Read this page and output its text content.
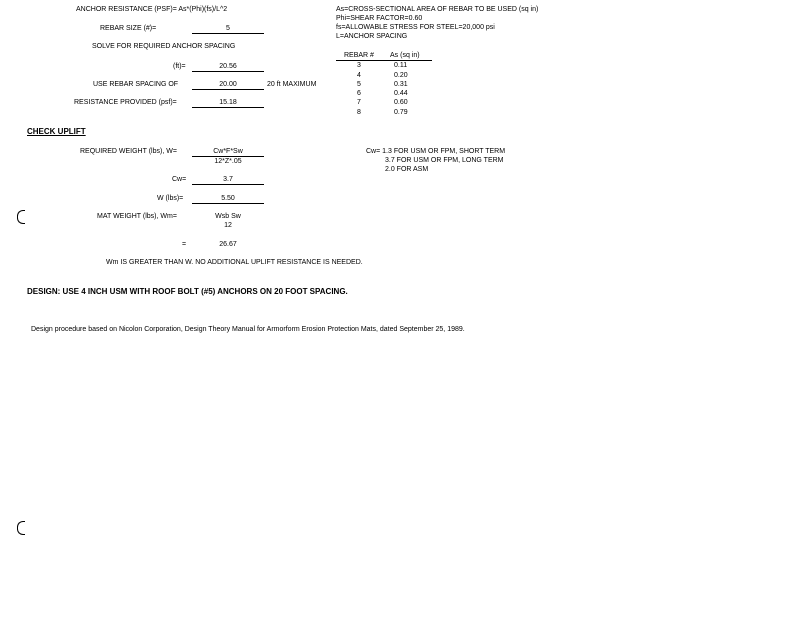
ANCHOR RESISTANCE (PSF)= As*(Phi)(fs)/L^2
REBAR SIZE (#)=	5
SOLVE FOR REQUIRED ANCHOR SPACING
(ft)=	20.56
USE REBAR SPACING OF	20.00	20 ft MAXIMUM
RESISTANCE PROVIDED (psf)=	15.18
As=CROSS-SECTIONAL AREA OF REBAR TO BE USED (sq in)
Phi=SHEAR FACTOR=0.60
fs=ALLOWABLE STRESS FOR STEEL=20,000 psi
L=ANCHOR SPACING
REBAR # As (sq in)
3	0.11
4	0.20
5	0.31
6	0.44
7	0.60
8	0.79
CHECK UPLIFT
REQUIRED WEIGHT (lbs), W=	Cw*F*Sw
12*Z*.05
Cw= 1.3 FOR USM OR FPM, SHORT TERM
3.7 FOR USM OR FPM, LONG TERM
2.0 FOR ASM
Cw=	3.7
W (lbs)=	5.50
MAT WEIGHT (lbs), Wm=	Wsb Sw
12
=	26.67
Wm IS GREATER THAN W. NO ADDITIONAL UPLIFT RESISTANCE IS NEEDED.
DESIGN: USE 4 INCH USM WITH ROOF BOLT (#5) ANCHORS ON 20 FOOT SPACING.
Design procedure based on Nicolon Corporation, Design Theory Manual for Armorform Erosion Protection Mats, dated September 25, 1989.
